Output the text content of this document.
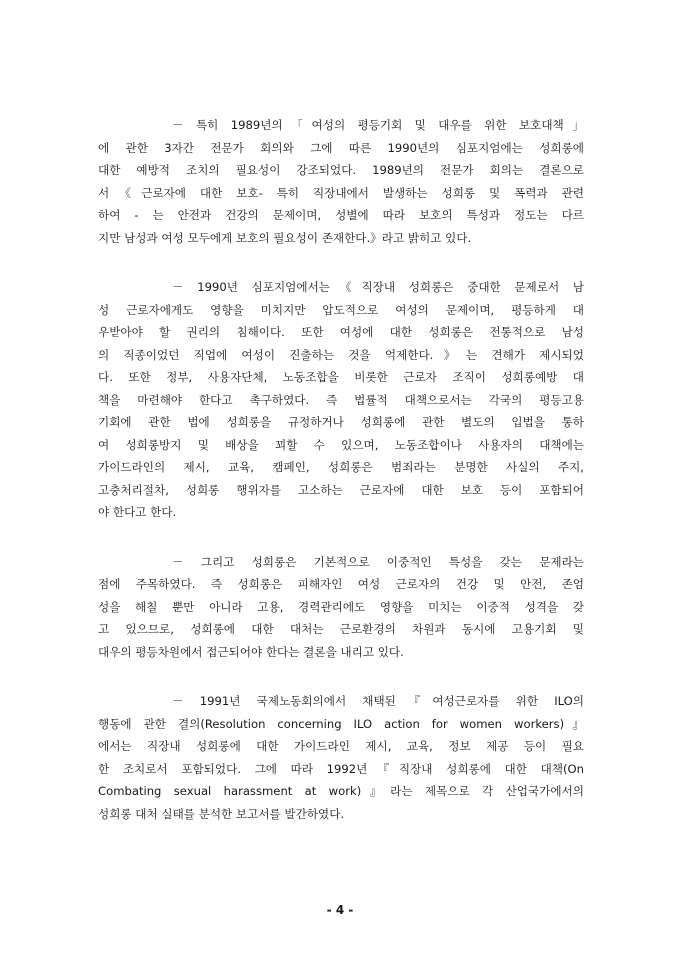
－ 특히 1989년의「여성의 평등기회 및 대우를 위한 보호대책」
에 관한 3자간 전문가 회의와 그에 따른 1990년의 심포지엄에는 성희롱에
대한 예방적 조치의 필요성이 강조되었다. 1989년의 전문가 회의는 결론으로
서《근로자에 대한 보호- 특히 직장내에서 발생하는 성희롱 및 폭력과 관련
하여 - 는 안전과 건강의 문제이며, 성별에 따라 보호의 특성과 정도는 다르
지만 남성과 여성 모두에게 보호의 필요성이 존재한다.》라고 밝히고 있다.
－ 1990년 심포지엄에서는《직장내 성희롱은 중대한 문제로서 남
성 근로자에게도 영향을 미치지만 압도적으로 여성의 문제이며, 평등하게 대
우받아야 할 권리의 침해이다. 또한 여성에 대한 성희롱은 전통적으로 남성
의 직종이었던 직업에 여성이 진출하는 것을 억제한다.》는 견해가 제시되었
다. 또한 정부, 사용자단체, 노동조합을 비롯한 근로자 조직이 성희롱예방 대
책을 마련해야 한다고 촉구하였다. 즉 법률적 대책으로서는 각국의 평등고용
기회에 관한 법에 성희롱을 규정하거나 성희롱에 관한 별도의 입법을 통하
여 성희롱방지 및 배상을 꾀할 수 있으며, 노동조합이나 사용자의 대책에는
가이드라인의 제시, 교육, 캠페인, 성희롱은 범죄라는 분명한 사실의 주지,
고충처리절차, 성희롱 행위자를 고소하는 근로자에 대한 보호 등이 포함되어
야 한다고 한다.
－ 그리고 성희롱은 기본적으로 이중적인 특성을 갖는 문제라는
점에 주목하였다. 즉 성희롱은 피해자인 여성 근로자의 건강 및 안전, 존엄
성을 해칠 뿐만 아니라 고용, 경력관리에도 영향을 미치는 이중적 성격을 갖
고 있으므로, 성희롱에 대한 대처는 근로환경의 차원과 동시에 고용기회 및
대우의 평등차원에서 접근되어야 한다는 결론을 내리고 있다.
－ 1991년 국제노동회의에서 채택된『여성근로자를 위한 ILO의
행동에 관한 결의(Resolution concerning ILO action for women workers)』
에서는 직장내 성희롱에 대한 가이드라인 제시, 교육, 정보 제공 등이 필요
한 조치로서 포함되었다. 그에 따라 1992년『직장내 성희롱에 대한 대책(On
Combating sexual harassment at work)』라는 제목으로 각 산업국가에서의
성희롱 대처 실태를 분석한 보고서를 발간하였다.
- 4 -
